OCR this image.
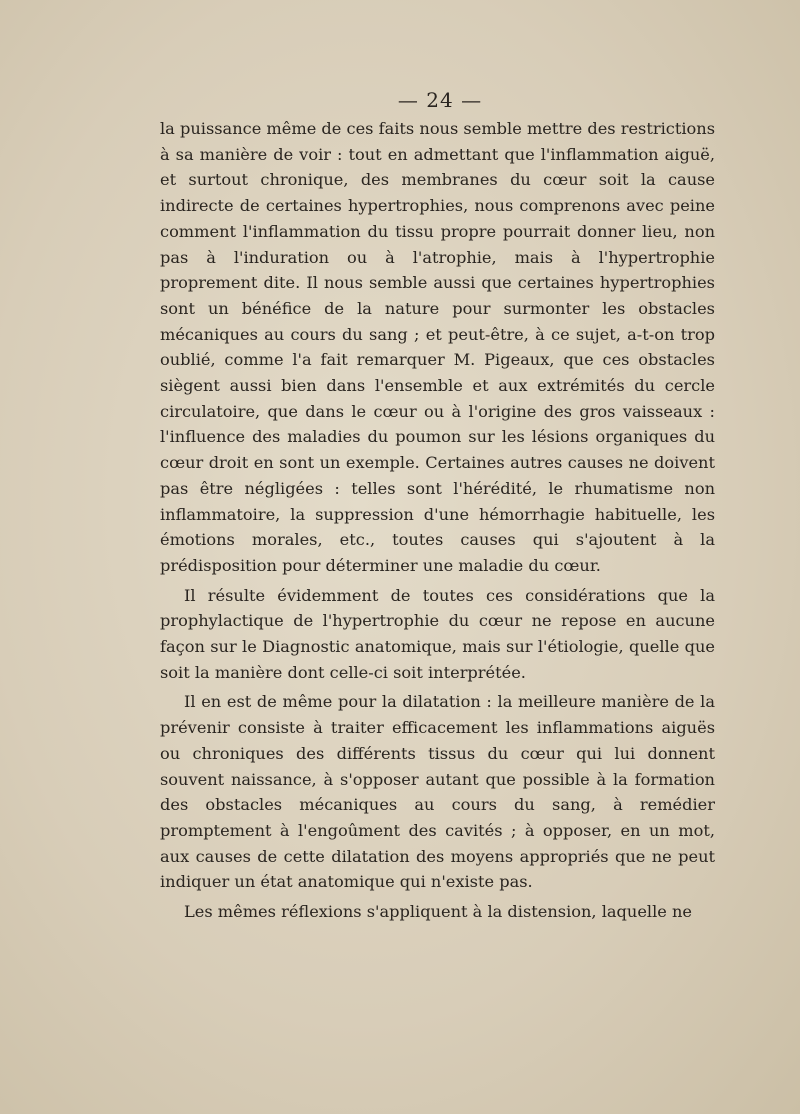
— 24 —

la puissance même de ces faits nous semble mettre des restrictions à sa manière de voir : tout en admettant que l'inflammation aiguë, et surtout chronique, des membranes du cœur soit la cause indirecte de certaines hypertrophies, nous comprenons avec peine comment l'inflammation du tissu propre pourrait donner lieu, non pas à l'induration ou à l'atrophie, mais à l'hypertrophie proprement dite. Il nous semble aussi que certaines hypertrophies sont un bénéfice de la nature pour surmonter les obstacles mécaniques au cours du sang ; et peut-être, à ce sujet, a-t-on trop oublié, comme l'a fait remarquer M. Pigeaux, que ces obstacles siègent aussi bien dans l'ensemble et aux extrémités du cercle circulatoire, que dans le cœur ou à l'origine des gros vaisseaux : l'influence des maladies du poumon sur les lésions organiques du cœur droit en sont un exemple. Certaines autres causes ne doivent pas être négligées : telles sont l'hérédité, le rhumatisme non inflammatoire, la suppression d'une hémorrhagie habituelle, les émotions morales, etc., toutes causes qui s'ajoutent à la prédisposition pour déterminer une maladie du cœur.

Il résulte évidemment de toutes ces considérations que la prophylactique de l'hypertrophie du cœur ne repose en aucune façon sur le Diagnostic anatomique, mais sur l'étiologie, quelle que soit la manière dont celle-ci soit interprétée.

Il en est de même pour la dilatation : la meilleure manière de la prévenir consiste à traiter efficacement les inflammations aiguës ou chroniques des différents tissus du cœur qui lui donnent souvent naissance, à s'opposer autant que possible à la formation des obstacles mécaniques au cours du sang, à remédier promptement à l'engoûment des cavités ; à opposer, en un mot, aux causes de cette dilatation des moyens appropriés que ne peut indiquer un état anatomique qui n'existe pas.

Les mêmes réflexions s'appliquent à la distension, laquelle ne
